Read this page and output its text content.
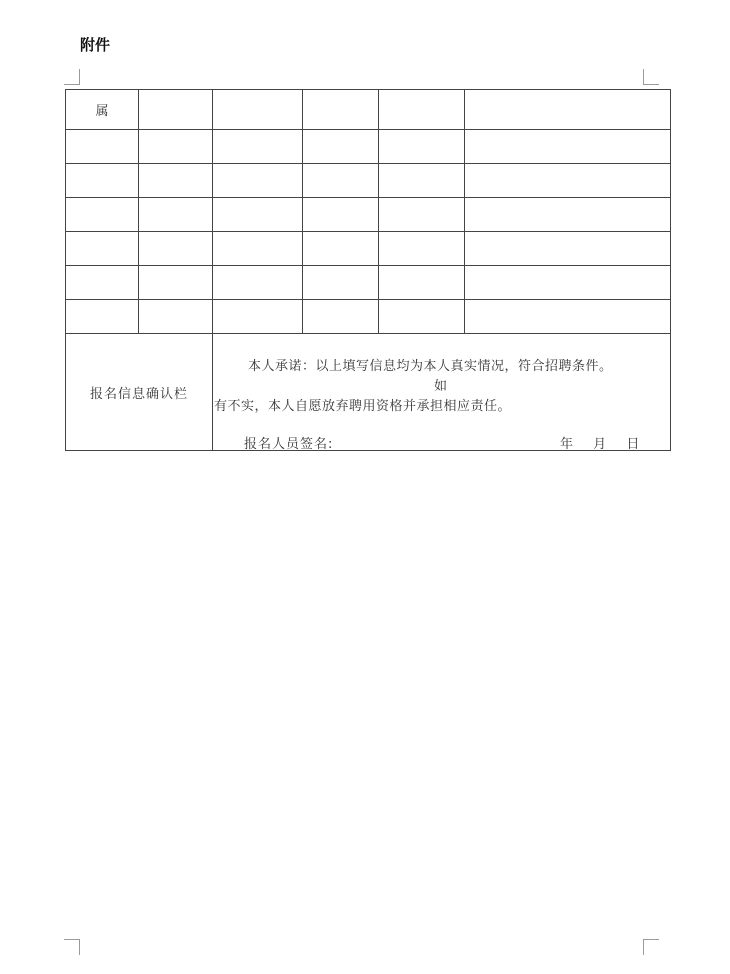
附件
属					

报名信息确认栏		本人承诺：以上填写信息均为本人真实情况，符合招聘条件。
如
有不实，本人自愿放弃聘用资格并承担相应责任。
报名人员签名: 年 月 日			
